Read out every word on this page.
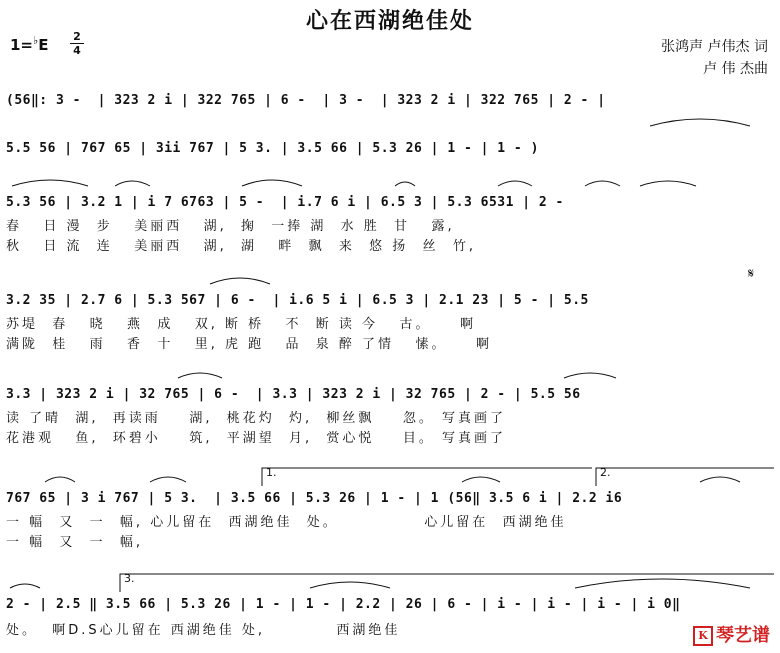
心在西湖绝佳处
1=♭E 2
4	张鸿声 卢伟杰 词
卢 伟 杰曲
(56‖: 3 -  | 323 2 i | 322 765 | 6 -  | 3 -  | 323 2 i | 322 765 | 2 - |
5.5 56 | 767 65 | 3ii 767 | 5 3. | 3.5 66 | 5.3 26 | 1 - | 1 - )
5.3 56 | 3.2 1 | i 7 6763 | 5 -  | i.7 6 i | 6.5 3 | 5.3 6531 | 2 -
春   日 漫  步   美丽西   湖,  掬  一捧 湖  水 胜  甘   露,
秋   日 流  连   美丽西   湖,  湖   畔  飘  来  悠 扬  丝  竹,
3.2 35 | 2.7 6 | 5.3 567 | 6 -  | i.6 5 i | 6.5 3 | 2.1 23 | 5 - | 5.5
苏堤  春   晓   燕  成   双, 断 桥   不  断 读 今   古。    啊
满陇  桂   雨   香  十   里, 虎 跑   品  泉 醉 了情   愫。    啊
3.3 | 323 2 i | 32 765 | 6 -  | 3.3 | 323 2 i | 32 765 | 2 - | 5.5 56
读 了晴  湖,  再读雨    湖,  桃花灼  灼,  柳丝飘    忽。 写真画了
花港观   鱼,  环碧小    筑,  平湖望  月,  赏心悦    目。 写真画了
767 65 | 3 i 767 | 5 3.  | 3.5 66 | 5.3 26 | 1 - | 1 (56‖ 3.5 6 i | 2.2 i6
一 幅  又  一  幅, 心儿留在  西湖绝佳  处。            心儿留在  西湖绝佳
一 幅  又  一  幅,
2 - | 2.5 ‖ 3.5 66 | 5.3 26 | 1 - | 1 - | 2.2 | 26 | 6 - | i - | i - | i - | i 0‖
处。  啊D.S心儿留在 西湖绝佳 处,          西湖绝佳
1.	2.
3.
𝄋
K 琴艺谱
